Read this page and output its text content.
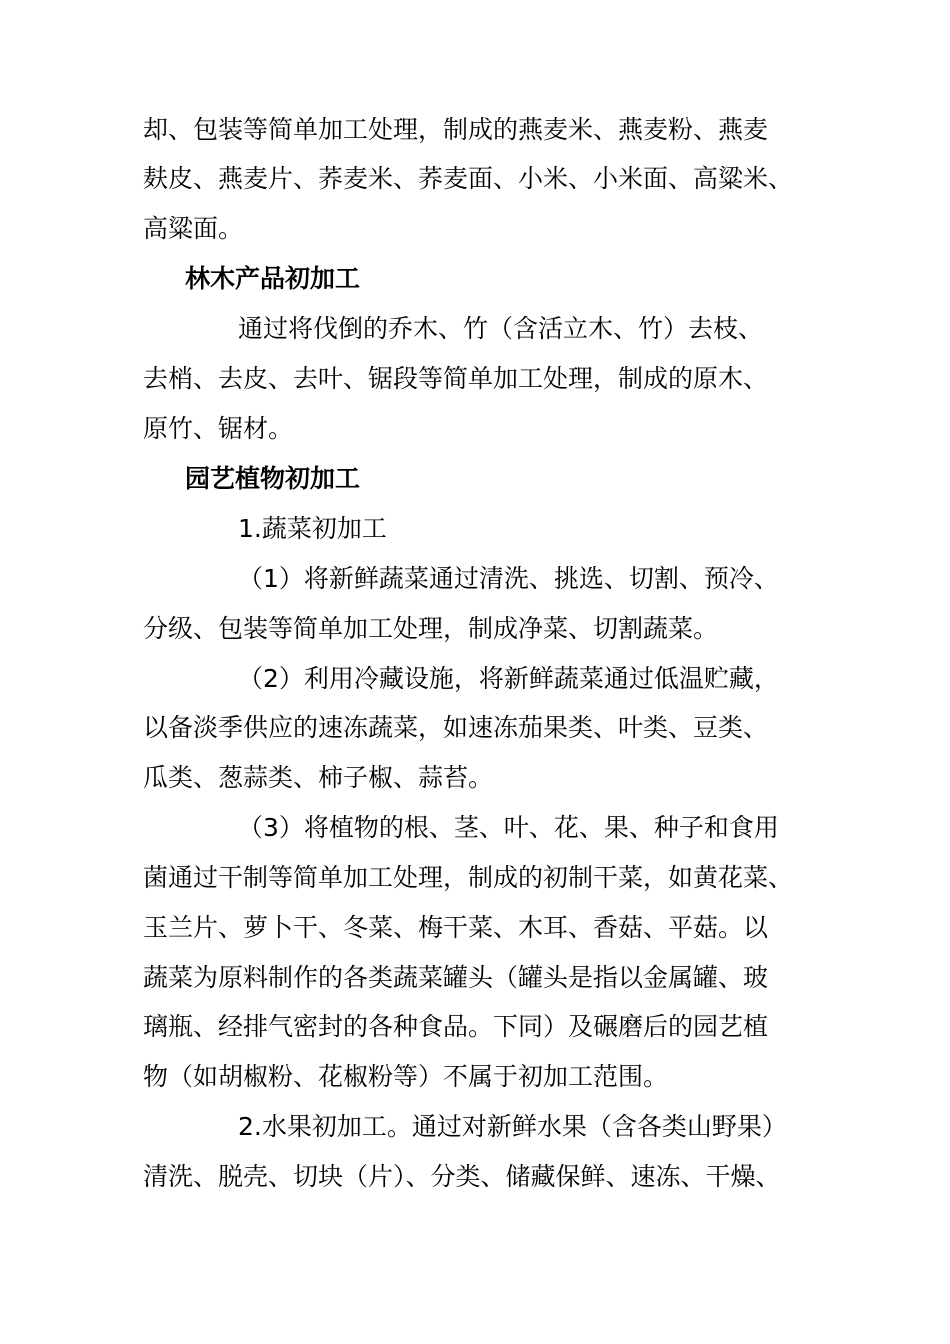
却、包装等简单加工处理，制成的燕麦米、燕麦粉、燕麦
麸皮、燕麦片、荞麦米、荞麦面、小米、小米面、高粱米、
高粱面。
林木产品初加工
通过将伐倒的乔木、竹（含活立木、竹）去枝、
去梢、去皮、去叶、锯段等简单加工处理，制成的原木、
原竹、锯材。
园艺植物初加工
1.蔬菜初加工
（1）将新鲜蔬菜通过清洗、挑选、切割、预冷、
分级、包装等简单加工处理，制成净菜、切割蔬菜。
（2）利用冷藏设施，将新鲜蔬菜通过低温贮藏，
以备淡季供应的速冻蔬菜，如速冻茄果类、叶类、豆类、
瓜类、葱蒜类、柿子椒、蒜苔。
（3）将植物的根、茎、叶、花、果、种子和食用
菌通过干制等简单加工处理，制成的初制干菜，如黄花菜、
玉兰片、萝卜干、冬菜、梅干菜、木耳、香菇、平菇。以
蔬菜为原料制作的各类蔬菜罐头（罐头是指以金属罐、玻
璃瓶、经排气密封的各种食品。下同）及碾磨后的园艺植
物（如胡椒粉、花椒粉等）不属于初加工范围。
2.水果初加工。通过对新鲜水果（含各类山野果）
清洗、脱壳、切块（片）、分类、储藏保鲜、速冻、干燥、
